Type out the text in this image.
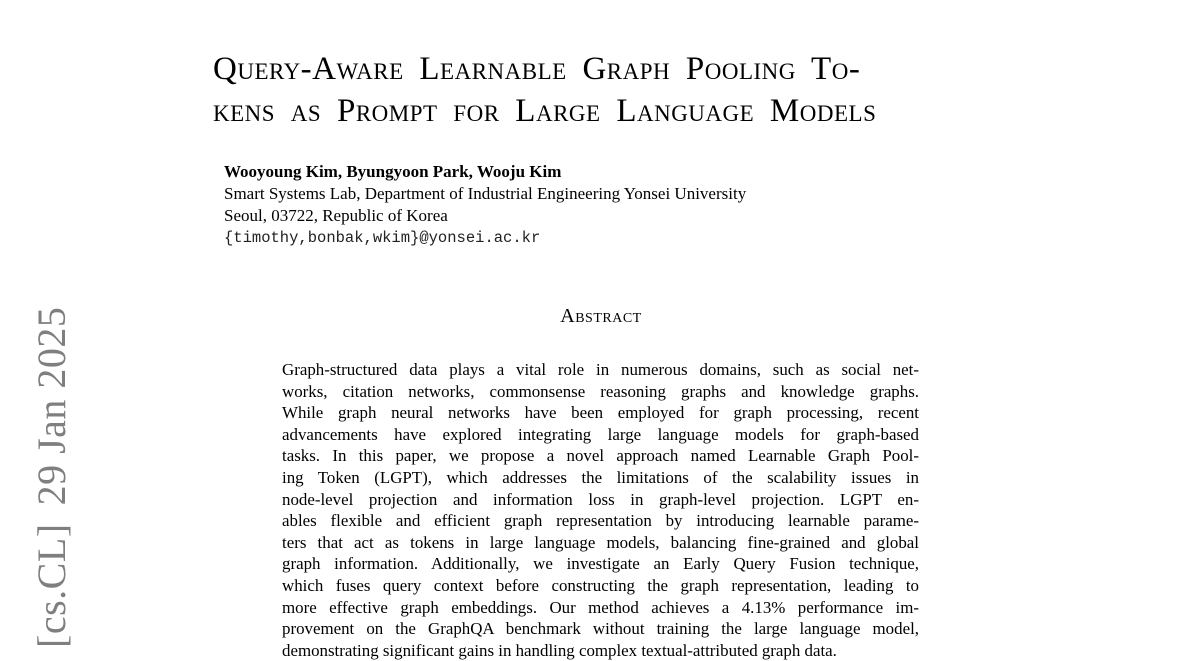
Query-Aware Learnable Graph Pooling To-
kens as Prompt for Large Language Models
Wooyoung Kim, Byungyoon Park, Wooju Kim
Smart Systems Lab, Department of Industrial Engineering Yonsei University
Seoul, 03722, Republic of Korea
{timothy,bonbak,wkim}@yonsei.ac.kr
Abstract
Graph-structured data plays a vital role in numerous domains, such as social net-
works, citation networks, commonsense reasoning graphs and knowledge graphs.
While graph neural networks have been employed for graph processing, recent
advancements have explored integrating large language models for graph-based
tasks. In this paper, we propose a novel approach named Learnable Graph Pool-
ing Token (LGPT), which addresses the limitations of the scalability issues in
node-level projection and information loss in graph-level projection. LGPT en-
ables flexible and efficient graph representation by introducing learnable parame-
ters that act as tokens in large language models, balancing fine-grained and global
graph information. Additionally, we investigate an Early Query Fusion technique,
which fuses query context before constructing the graph representation, leading to
more effective graph embeddings. Our method achieves a 4.13% performance im-
provement on the GraphQA benchmark without training the large language model,
demonstrating significant gains in handling complex textual-attributed graph data.
[cs.CL]29 Jan 2025
